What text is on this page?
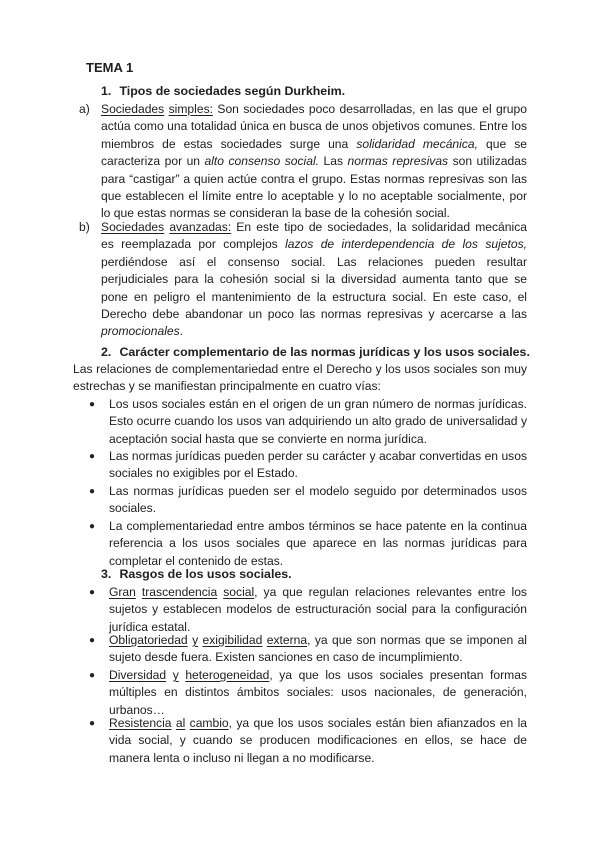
TEMA 1
1. Tipos de sociedades según Durkheim.
a) Sociedades simples: Son sociedades poco desarrolladas, en las que el grupo actúa como una totalidad única en busca de unos objetivos comunes. Entre los miembros de estas sociedades surge una solidaridad mecánica, que se caracteriza por un alto consenso social. Las normas represivas son utilizadas para “castigar” a quien actúe contra el grupo. Estas normas represivas son las que establecen el límite entre lo aceptable y lo no aceptable socialmente, por lo que estas normas se consideran la base de la cohesión social.
b) Sociedades avanzadas: En este tipo de sociedades, la solidaridad mecánica es reemplazada por complejos lazos de interdependencia de los sujetos, perdiéndose así el consenso social. Las relaciones pueden resultar perjudiciales para la cohesión social si la diversidad aumenta tanto que se pone en peligro el mantenimiento de la estructura social. En este caso, el Derecho debe abandonar un poco las normas represivas y acercarse a las promocionales.
2. Carácter complementario de las normas jurídicas y los usos sociales.
Las relaciones de complementariedad entre el Derecho y los usos sociales son muy estrechas y se manifiestan principalmente en cuatro vías:
● Los usos sociales están en el origen de un gran número de normas jurídicas. Esto ocurre cuando los usos van adquiriendo un alto grado de universalidad y aceptación social hasta que se convierte en norma jurídica.
● Las normas jurídicas pueden perder su carácter y acabar convertidas en usos sociales no exigibles por el Estado.
● Las normas jurídicas pueden ser el modelo seguido por determinados usos sociales.
● La complementariedad entre ambos términos se hace patente en la continua referencia a los usos sociales que aparece en las normas jurídicas para completar el contenido de estas.
3. Rasgos de los usos sociales.
● Gran trascendencia social, ya que regulan relaciones relevantes entre los sujetos y establecen modelos de estructuración social para la configuración jurídica estatal.
● Obligatoriedad y exigibilidad externa, ya que son normas que se imponen al sujeto desde fuera. Existen sanciones en caso de incumplimiento.
● Diversidad y heterogeneidad, ya que los usos sociales presentan formas múltiples en distintos ámbitos sociales: usos nacionales, de generación, urbanos…
● Resistencia al cambio, ya que los usos sociales están bien afianzados en la vida social, y cuando se producen modificaciones en ellos, se hace de manera lenta o incluso ni llegan a no modificarse.
